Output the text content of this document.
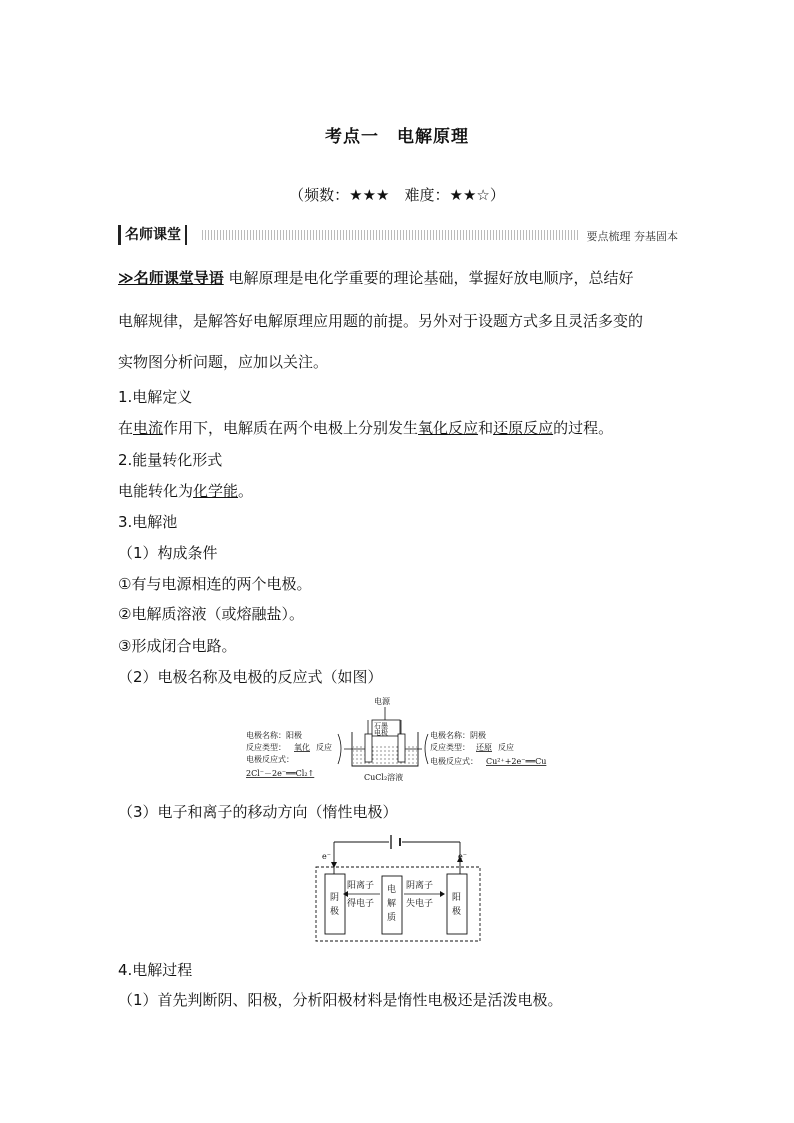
考点一　电解原理
（频数：★★★　难度：★★☆）
名师课堂	要点梳理 夯基固本
≫名师课堂导语 电解原理是电化学重要的理论基础，掌握好放电顺序，总结好
电解规律，是解答好电解原理应用题的前提。另外对于设题方式多且灵活多变的
实物图分析问题，应加以关注。
1.电解定义
在电流作用下，电解质在两个电极上分别发生氧化反应和还原反应的过程。
2.能量转化形式
电能转化为化学能。
3.电解池
（1）构成条件
①有与电源相连的两个电极。
②电解质溶液（或熔融盐）。
③形成闭合电路。
（2）电极名称及电极的反应式（如图）
电源
石墨
电极
CuCl₂溶液
电极名称：阳极
反应类型： 氧化 反应
电极反应式：
2Cl⁻－2e⁻══Cl₂↑
电极名称：阴极
反应类型： 还原 反应
电极反应式： Cu²⁺+2e⁻══Cu
（3）电子和离子的移动方向（惰性电极）
e⁻	e⁻
阴
极
电
解
质
阳
极
阳离子
得电子
阴离子
失电子
4.电解过程
（1）首先判断阴、阳极，分析阳极材料是惰性电极还是活泼电极。
